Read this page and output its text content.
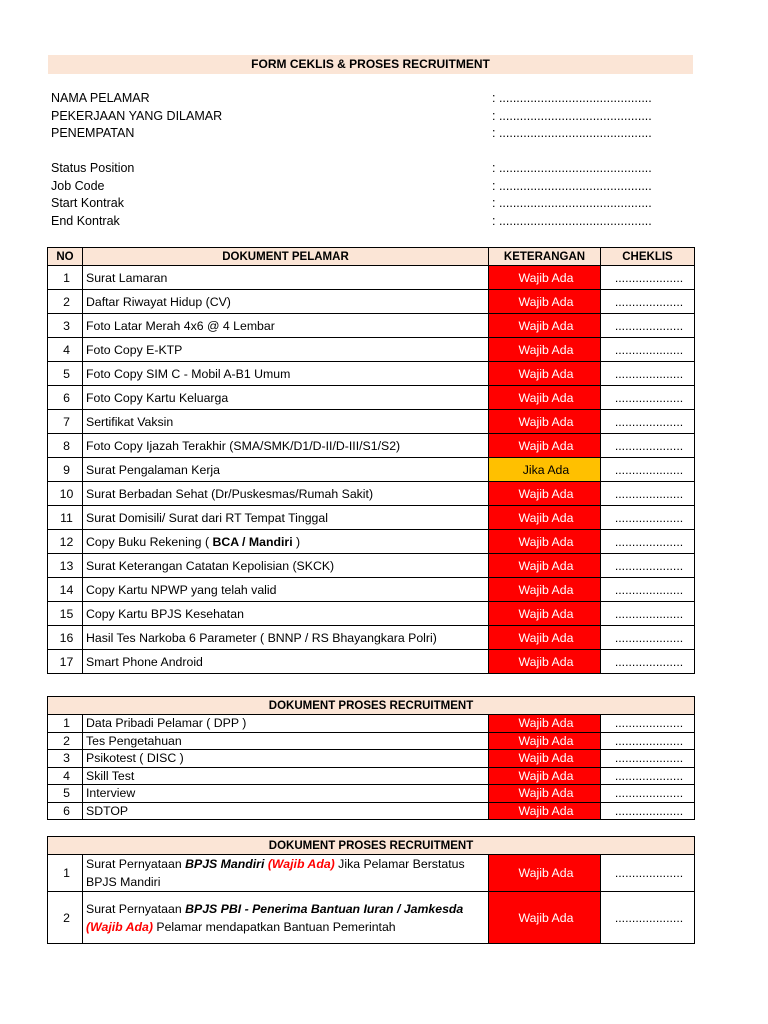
FORM CEKLIS & PROSES RECRUITMENT
NAMA PELAMAR	: ............................................
PEKERJAAN YANG DILAMAR	: ............................................
PENEMPATAN	: ............................................
Status Position	: ............................................
Job Code	: ............................................
Start Kontrak	: ............................................
End Kontrak	: ............................................
NO	DOKUMENT PELAMAR	KETERANGAN	CHEKLIS
1	Surat Lamaran	Wajib Ada	....................
2	Daftar Riwayat Hidup (CV)	Wajib Ada	....................
3	Foto Latar Merah 4x6 @ 4 Lembar	Wajib Ada	....................
4	Foto Copy E-KTP	Wajib Ada	....................
5	Foto Copy SIM C - Mobil A-B1 Umum	Wajib Ada	....................
6	Foto Copy Kartu Keluarga	Wajib Ada	....................
7	Sertifikat Vaksin	Wajib Ada	....................
8	Foto Copy Ijazah Terakhir (SMA/SMK/D1/D-II/D-III/S1/S2)	Wajib Ada	....................
9	Surat Pengalaman Kerja	Jika Ada	....................
10	Surat Berbadan Sehat (Dr/Puskesmas/Rumah Sakit)	Wajib Ada	....................
11	Surat Domisili/ Surat dari RT Tempat Tinggal	Wajib Ada	....................
12	Copy Buku Rekening ( BCA / Mandiri )	Wajib Ada	....................
13	Surat Keterangan Catatan Kepolisian (SKCK)	Wajib Ada	....................
14	Copy Kartu NPWP yang telah valid	Wajib Ada	....................
15	Copy Kartu BPJS Kesehatan	Wajib Ada	....................
16	Hasil Tes Narkoba 6 Parameter ( BNNP / RS Bhayangkara Polri)	Wajib Ada	....................
17	Smart Phone Android	Wajib Ada	....................
DOKUMENT PROSES RECRUITMENT			
1	Data Pribadi Pelamar ( DPP )	Wajib Ada	....................
2	Tes Pengetahuan	Wajib Ada	....................
3	Psikotest ( DISC )	Wajib Ada	....................
4	Skill Test	Wajib Ada	....................
5	Interview	Wajib Ada	....................
6	SDTOP	Wajib Ada	....................
DOKUMENT PROSES RECRUITMENT			
1	Surat Pernyataan BPJS Mandiri (Wajib Ada) Jika Pelamar Berstatus
BPJS Mandiri	Wajib Ada	....................
2	Surat Pernyataan BPJS PBI - Penerima Bantuan Iuran / Jamkesda
(Wajib Ada) Pelamar mendapatkan Bantuan Pemerintah	Wajib Ada	....................
